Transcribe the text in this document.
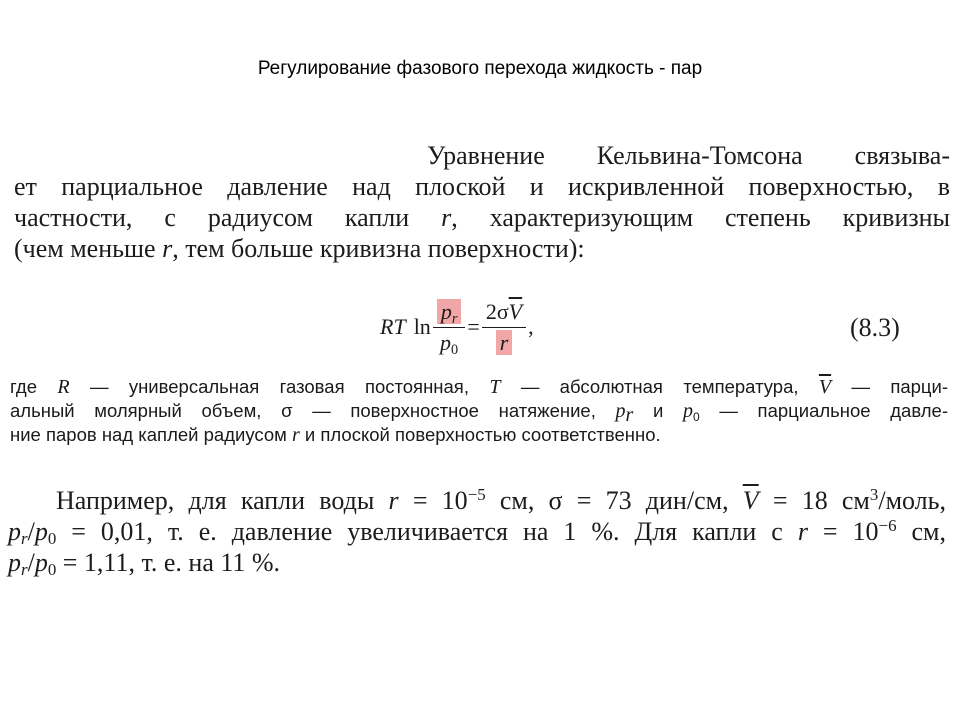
Регулирование фазового перехода жидкость - пар
Уравнение Кельвина-Томсона связыва-
ет парциальное давление над плоской и искривленной поверхностью, в
частности, с радиусом капли r, характеризующим степень кривизны
(чем меньше r, тем больше кривизна поверхности):
RT $\ln \frac{p_r}{p_0} = \frac{2\sigma\overline{V}}{r}$ ,	(8.3)
где R — универсальная газовая постоянная, T — абсолютная температура, $\overline{V}$ — парци-
альный молярный объем, σ — поверхностное натяжение, $p_r$ и $p_0$ — парциальное давле-
ние паров над каплей радиусом r и плоской поверхностью соответственно.
Например, для капли воды $r = 10^{-5}$ см, σ = 73 дин/см, $\overline{V} = 18$ $см^3$/моль,
$p_r/p_0 = 0,01$, т. е. давление увеличивается на 1 %. Для капли с $r = 10^{-6}$ см,
$p_r/p_0 = 1,11$, т. е. на 11 %.
